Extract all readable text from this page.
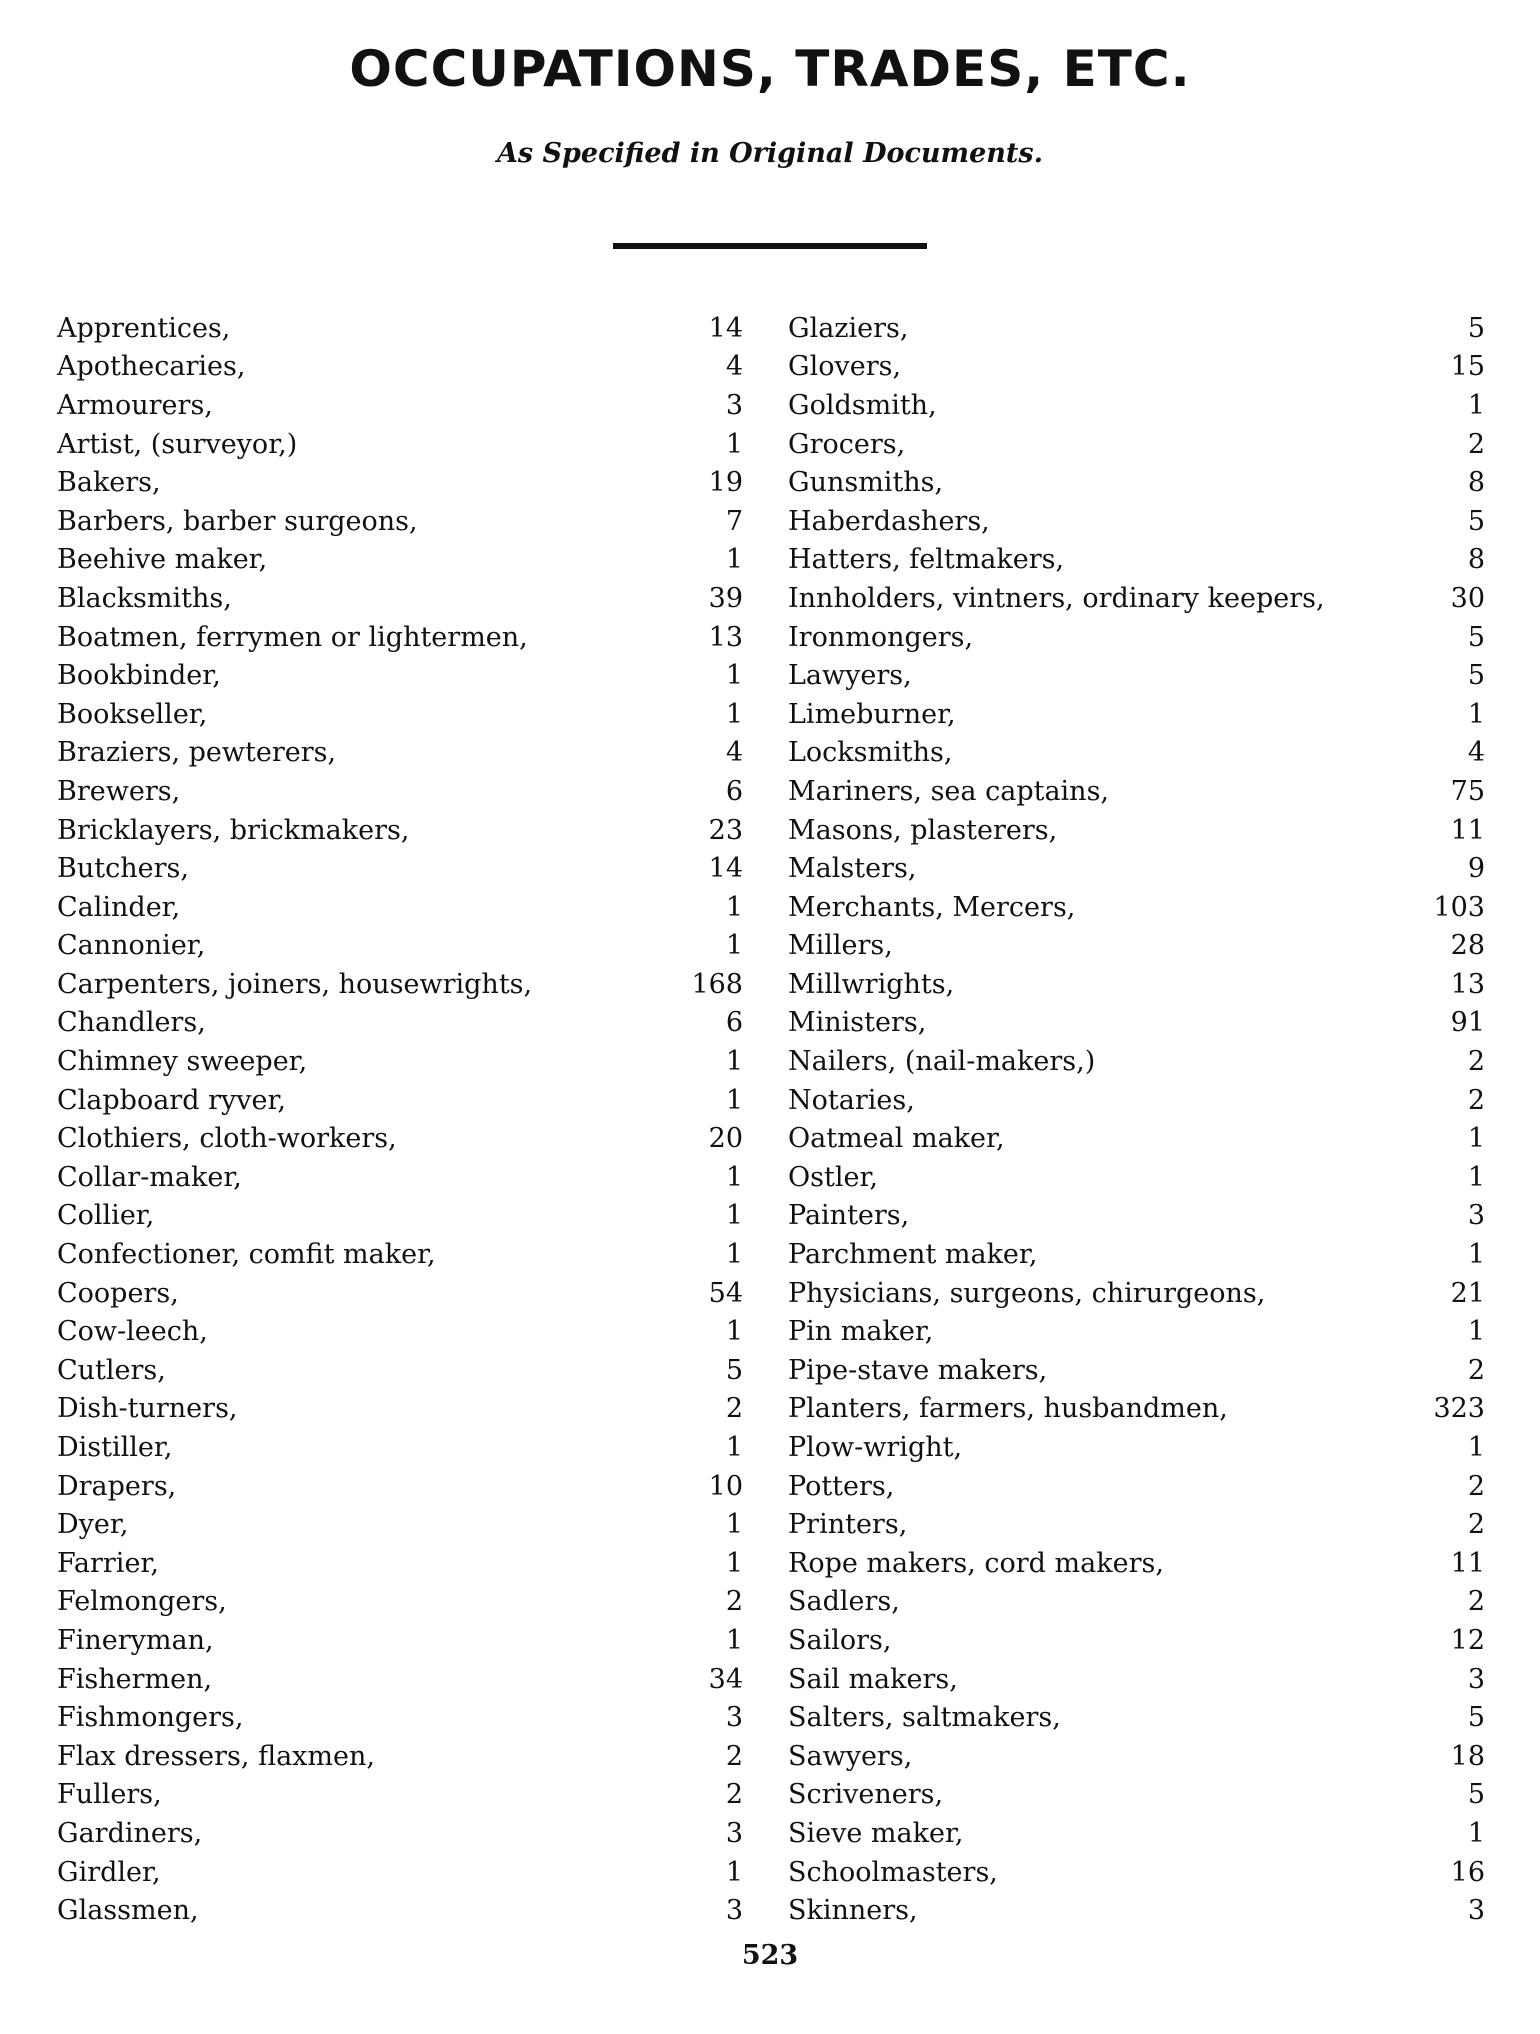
OCCUPATIONS, TRADES, ETC.
As Specified in Original Documents.
Apprentices,	14
Apothecaries,	4
Armourers,	3
Artist, (surveyor,)	1
Bakers,	19
Barbers, barber surgeons,	7
Beehive maker,	1
Blacksmiths,	39
Boatmen, ferrymen or lightermen,	13
Bookbinder,	1
Bookseller,	1
Braziers, pewterers,	4
Brewers,	6
Bricklayers, brickmakers,	23
Butchers,	14
Calinder,	1
Cannonier,	1
Carpenters, joiners, housewrights,	168
Chandlers,	6
Chimney sweeper,	1
Clapboard ryver,	1
Clothiers, cloth-workers,	20
Collar-maker,	1
Collier,	1
Confectioner, comfit maker,	1
Coopers,	54
Cow-leech,	1
Cutlers,	5
Dish-turners,	2
Distiller,	1
Drapers,	10
Dyer,	1
Farrier,	1
Felmongers,	2
Fineryman,	1
Fishermen,	34
Fishmongers,	3
Flax dressers, flaxmen,	2
Fullers,	2
Gardiners,	3
Girdler,	1
Glassmen,	3
Glaziers,	5
Glovers,	15
Goldsmith,	1
Grocers,	2
Gunsmiths,	8
Haberdashers,	5
Hatters, feltmakers,	8
Innholders, vintners, ordinary keepers,	30
Ironmongers,	5
Lawyers,	5
Limeburner,	1
Locksmiths,	4
Mariners, sea captains,	75
Masons, plasterers,	11
Malsters,	9
Merchants, Mercers,	103
Millers,	28
Millwrights,	13
Ministers,	91
Nailers, (nail-makers,)	2
Notaries,	2
Oatmeal maker,	1
Ostler,	1
Painters,	3
Parchment maker,	1
Physicians, surgeons, chirurgeons,	21
Pin maker,	1
Pipe-stave makers,	2
Planters, farmers, husbandmen,	323
Plow-wright,	1
Potters,	2
Printers,	2
Rope makers, cord makers,	11
Sadlers,	2
Sailors,	12
Sail makers,	3
Salters, saltmakers,	5
Sawyers,	18
Scriveners,	5
Sieve maker,	1
Schoolmasters,	16
Skinners,	3
523
